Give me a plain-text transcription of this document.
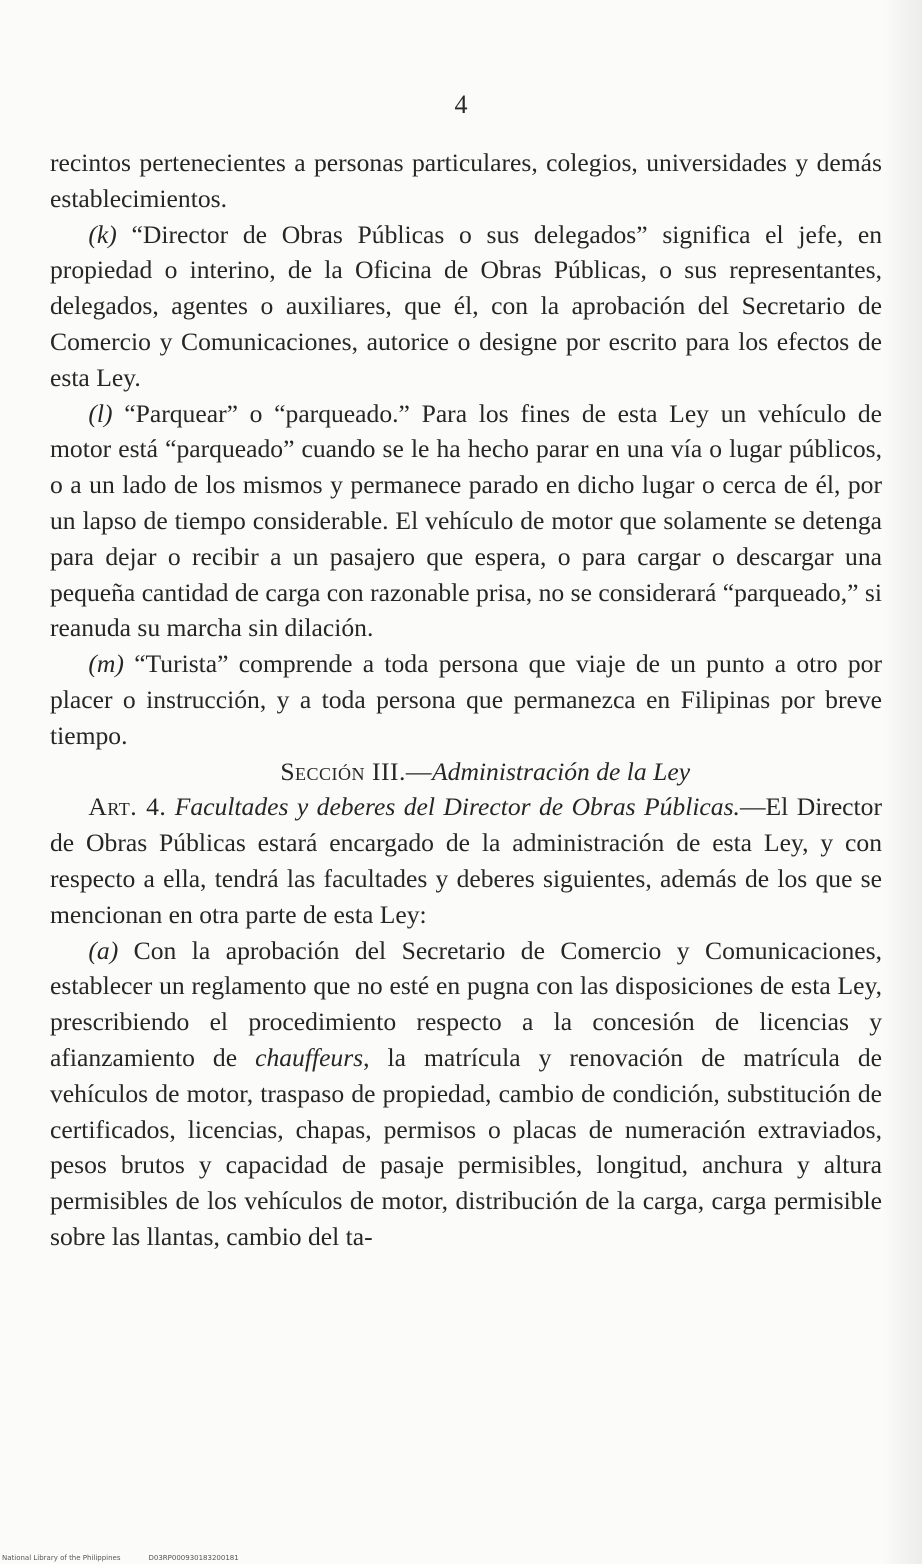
4

recintos pertenecientes a personas particulares, colegios, universidades y demás establecimientos.

(k) “Director de Obras Públicas o sus delegados” significa el jefe, en propiedad o interino, de la Oficina de Obras Públicas, o sus representantes, delegados, agentes o auxiliares, que él, con la aprobación del Secretario de Comercio y Comunicaciones, autorice o designe por escrito para los efectos de esta Ley.

(l) “Parquear” o “parqueado.” Para los fines de esta Ley un vehículo de motor está “parqueado” cuando se le ha hecho parar en una vía o lugar públicos, o a un lado de los mismos y permanece parado en dicho lugar o cerca de él, por un lapso de tiempo considerable. El vehículo de motor que solamente se detenga para dejar o recibir a un pasajero que espera, o para cargar o descargar una pequeña cantidad de carga con razonable prisa, no se considerará “parqueado,” si reanuda su marcha sin dilación.

(m) “Turista” comprende a toda persona que viaje de un punto a otro por placer o instrucción, y a toda persona que permanezca en Filipinas por breve tiempo.

Sección III.—Administración de la Ley

Art. 4. Facultades y deberes del Director de Obras Públicas.—El Director de Obras Públicas estará encargado de la administración de esta Ley, y con respecto a ella, tendrá las facultades y deberes siguientes, además de los que se mencionan en otra parte de esta Ley:

(a) Con la aprobación del Secretario de Comercio y Comunicaciones, establecer un reglamento que no esté en pugna con las disposiciones de esta Ley, prescribiendo el procedimiento respecto a la concesión de licencias y afianzamiento de chauffeurs, la matrícula y renovación de matrícula de vehículos de motor, traspaso de propiedad, cambio de condición, substitución de certificados, licencias, chapas, permisos o placas de numeración extraviados, pesos brutos y capacidad de pasaje permisibles, longitud, anchura y altura permisibles de los vehículos de motor, distribución de la carga, carga permisible sobre las llantas, cambio del ta-

National Library of the Philippines	D03RP000930183200181
